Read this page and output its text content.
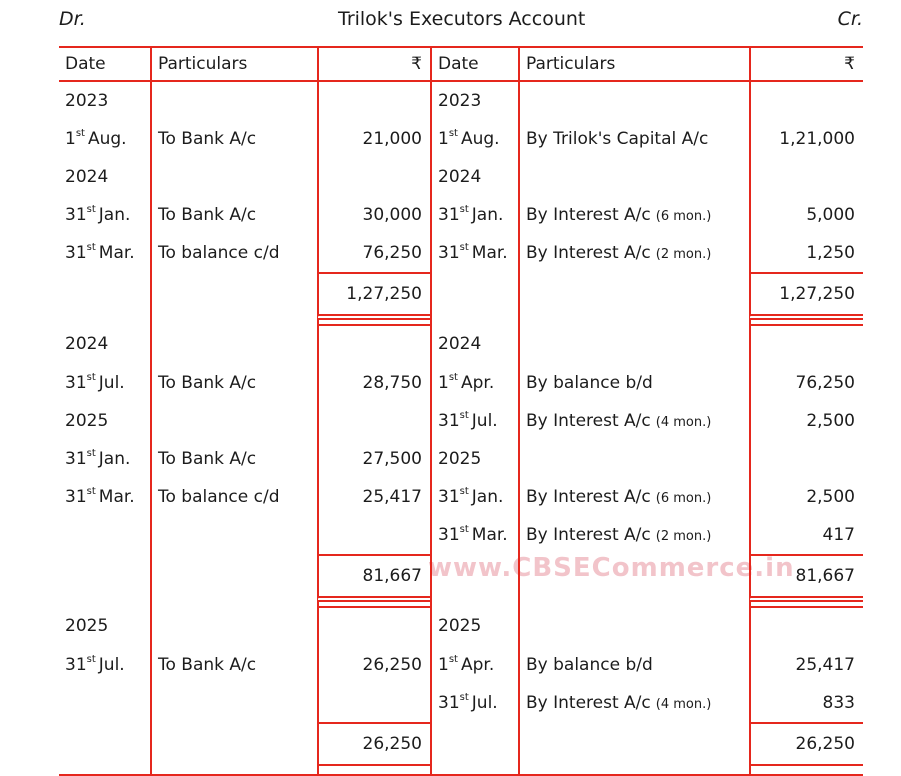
Dr.	Trilok's Executors Account	Cr.
www.CBSECommerce.in
Date	Particulars	₹	Date	Particulars	₹
2023			2023		
1st Aug.	To Bank A/c	21,000	1st Aug.	By Trilok's Capital A/c	1,21,000
2024			2024		
31st Jan.	To Bank A/c	30,000	31st Jan.	By Interest A/c (6 mon.)	5,000
31st Mar.	To balance c/d	76,250	31st Mar.	By Interest A/c (2 mon.)	1,250
		1,27,250			1,27,250

2024			2024		
31st Jul.	To Bank A/c	28,750	1st Apr.	By balance b/d	76,250
2025			31st Jul.	By Interest A/c (4 mon.)	2,500
31st Jan.	To Bank A/c	27,500	2025		
31st Mar.	To balance c/d	25,417	31st Jan.	By Interest A/c (6 mon.)	2,500
			31st Mar.	By Interest A/c (2 mon.)	417
		81,667			81,667

2025			2025		
31st Jul.	To Bank A/c	26,250	1st Apr.	By balance b/d	25,417
			31st Jul.	By Interest A/c (4 mon.)	833
		26,250			26,250
